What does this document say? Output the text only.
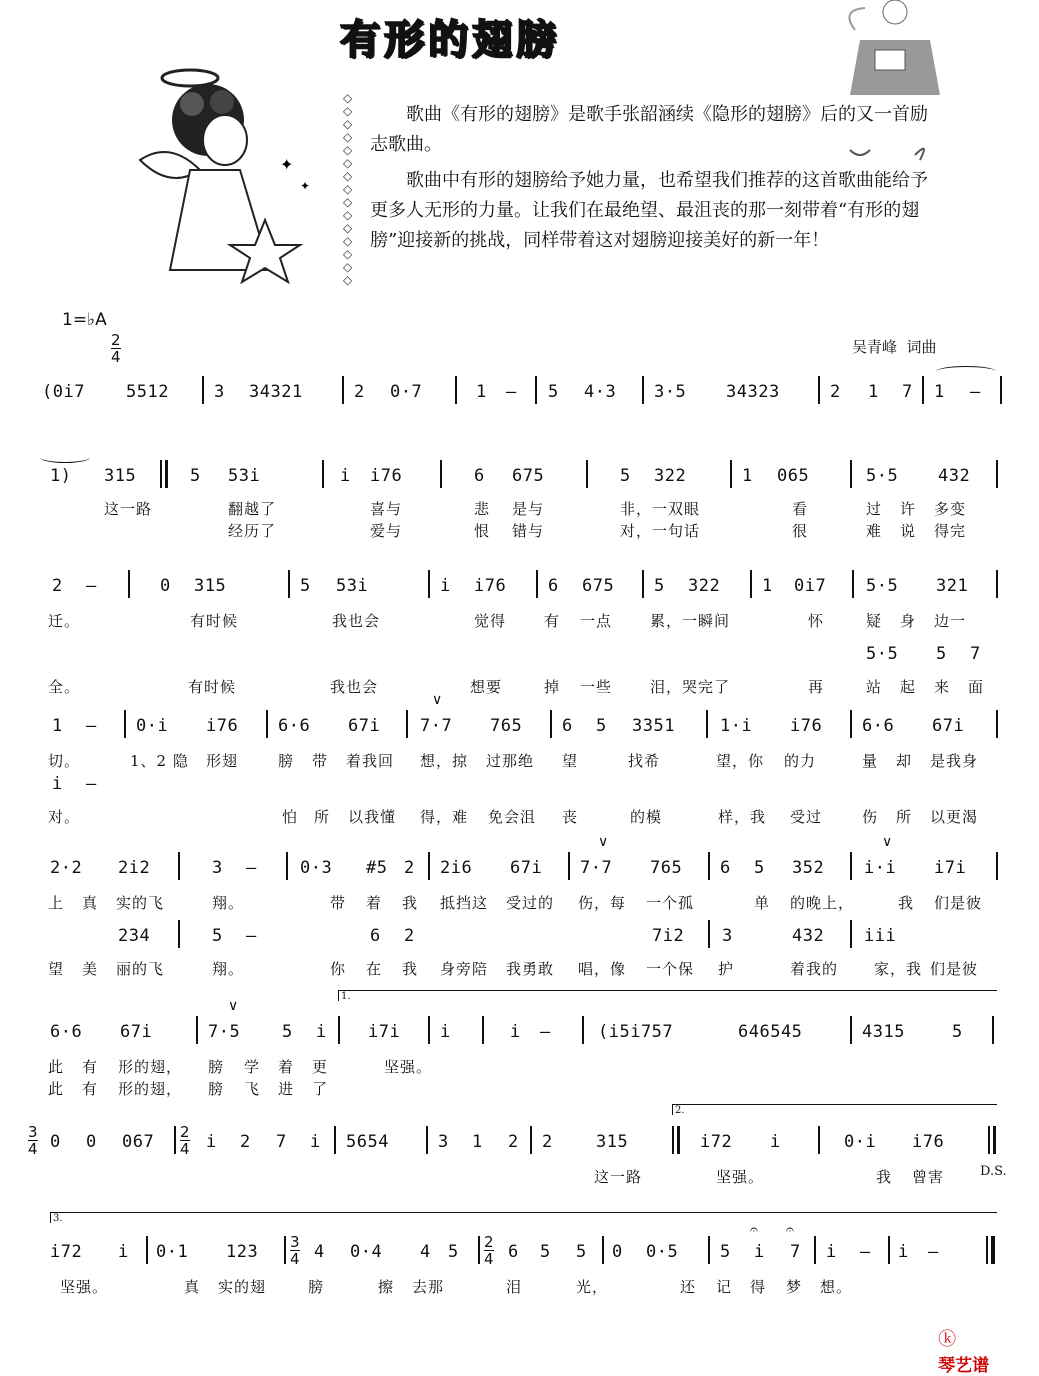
✦
✦
有形的翅膀
◇◇◇◇◇◇◇◇◇◇◇◇◇◇◇
歌曲《有形的翅膀》是歌手张韶涵续《隐形的翅膀》后的又一首励志歌曲。
歌曲中有形的翅膀给予她力量，也希望我们推荐的这首歌曲能给予更多人无形的力量。让我们在最绝望、最沮丧的那一刻带着“有形的翅膀”迎接新的挑战，同样带着这对翅膀迎接美好的新一年！
1=♭A

2
4

吴青峰  词曲
(0i7 5512	3 34321	2 0·7	1 – 5 4·3 3·5 34323	2 1 7 1 –
1) 315	5 53i	i i76	6 675	5 322	1 065	5·5 432
这一路	翻越了	喜与	悲 是与	非，一双眼	看	过 许 多变
经历了	爱与	恨 错与	对，一句话	很	难 说 得完
2 –	0 315	5 53i	i i76 6 675 5 322 1 0i7 5·5 321
迁。	有时候	我也会	觉得	有 一点	累，一瞬间	怀	疑 身 边一
5·5 5 7
全。	有时候	我也会	想要	掉 一些	泪，哭完了	再	站 起 来 面
1 – 0·i i76 6·6 67i 7·7 765 6 5 3351	1·i i76 6·6 67i
∨
切。	1、2 隐 形翅	膀 带 着我回 想，掠 过那绝 望	找希	望，你 的力	量 却 是我身
i –
对。	怕 所 以我懂 得，难 免会沮 丧	的模	样，我 受过	伤 所 以更渴
2·2 2i2	3 –	0·3 #5 2 2i6 67i 7·7 765 6 5 352 i·i i7i
∨	∨
上 真 实的飞	翔。	带 着 我 抵挡这 受过的 伤，每 一个孤	单 的晚上，	我 们是彼
234	5 –	6 2	7i2 3	432 iii
望 美 丽的飞	翔。	你 在 我 身旁陪 我勇敢 唱，像 一个保 护	着我的 家，我 们是彼
1.
6·6 67i	7·5 5 i i7i i	i –	(i5i757	646545	4315	5
∨
此 有 形的翅， 膀 学 着 更	坚强。
此 有 形的翅， 膀 飞 进 了
2.
3
4 0 0 067 2
4 i 2 7 i 5654	3 1 2 2	315	i72 i	0·i i76
这一路	坚强。	我 曾害	D.S.
3.
i72 i 0·1 123 3
4 4 0·4 4 5 2
4 6 5 5 0 0·5 5 i 7 i – i –
𝄐 𝄐
坚强。	真 实的翅	膀	擦 去那	泪	光，	还 记 得 梦 想。

ⓚ
琴艺谱
